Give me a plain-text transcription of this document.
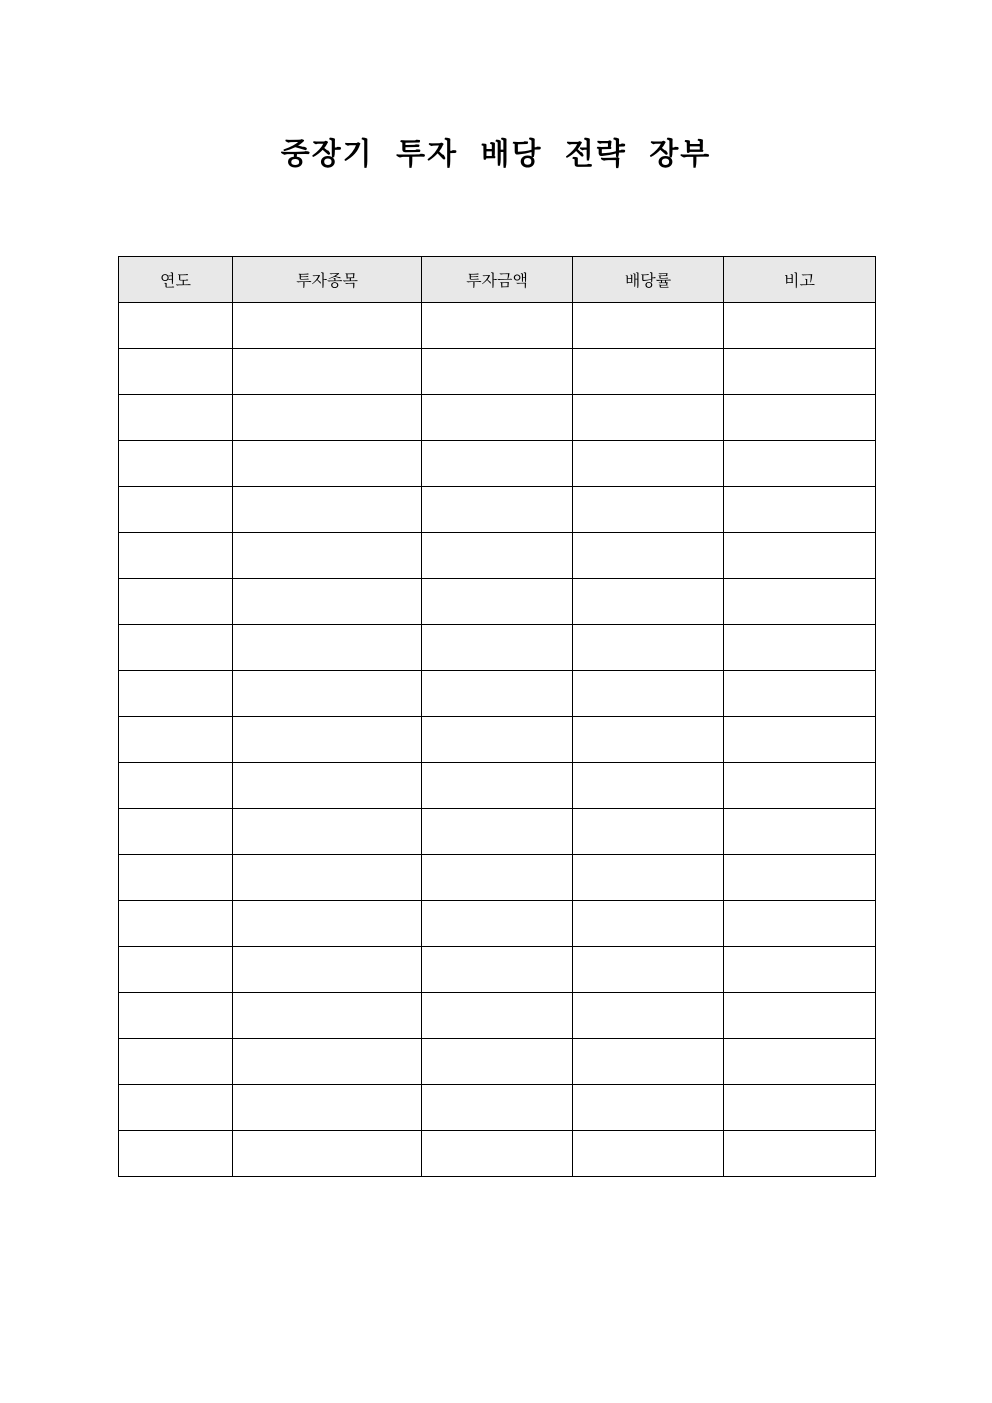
중장기 투자 배당 전략 장부
연도	투자종목	투자금액	배당률	비고
